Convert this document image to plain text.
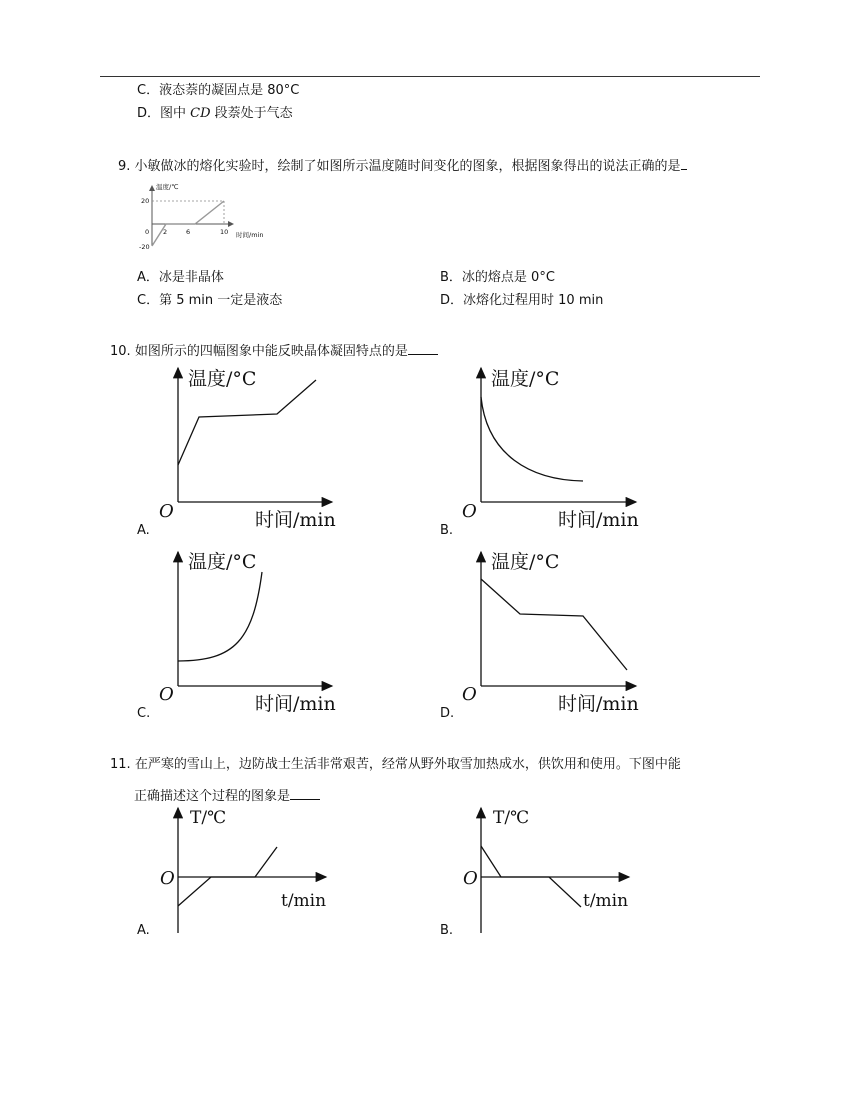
C．液态萘的凝固点是 80°C
D．图中 CD 段萘处于气态
9. 小敏做冰的熔化实验时，绘制了如图所示温度随时间变化的图象，根据图象得出的说法正确的是
温度/℃
20
0
-20
2	6	10 时间/min
A．冰是非晶体	B．冰的熔点是 0°C
C．第 5 min 一定是液态	D．冰熔化过程用时 10 min
10. 如图所示的四幅图象中能反映晶体凝固特点的是
温度/°C
O	时间/min
温度/°C
O	时间/min
温度/°C
O	时间/min
温度/°C
O	时间/min
T/℃
O
t/min
T/℃
O
t/min
A.	B.
C.	D.
11. 在严寒的雪山上，边防战士生活非常艰苦，经常从野外取雪加热成水，供饮用和使用。下图中能
正确描述这个过程的图象是
A.	B.
